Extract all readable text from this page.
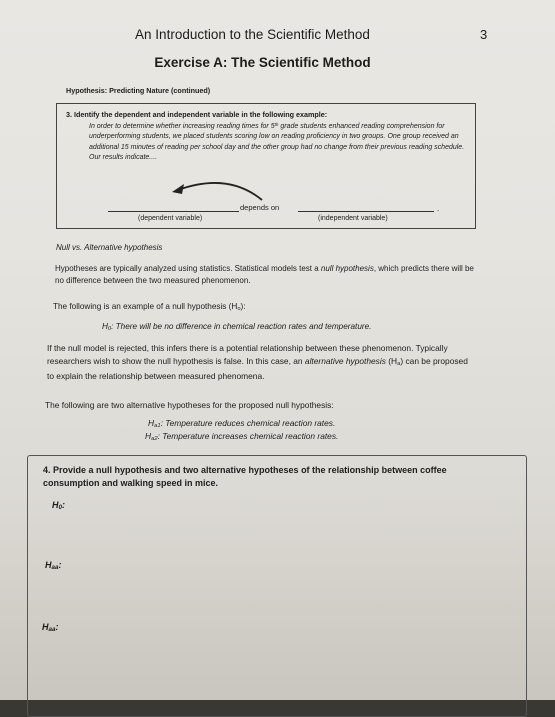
An Introduction to the Scientific Method	3
Exercise A: The Scientific Method
Hypothesis: Predicting Nature (continued)
3. Identify the dependent and independent variable in the following example:
In order to determine whether increasing reading times for 5th grade students enhanced reading comprehension for underperforming students, we placed students scoring low on reading proficiency in two groups. One group received an additional 15 minutes of reading per school day and the other group had no change from their previous reading schedule. Our results indicate....
depends on	.
(dependent variable)	(independent variable)
Null vs. Alternative hypothesis
Hypotheses are typically analyzed using statistics. Statistical models test a null hypothesis, which predicts there will be no difference between the two measured phenomenon.
The following is an example of a null hypothesis $(H_o)$:
$H_0$: There will be no difference in chemical reaction rates and temperature.
If the null model is rejected, this infers there is a potential relationship between these phenomenon. Typically researchers wish to show the null hypothesis is false. In this case, an alternative hypothesis $(H_a)$ can be proposed to explain the relationship between measured phenomena.
The following are two alternative hypotheses for the proposed null hypothesis:
$H_{a1}$: Temperature reduces chemical reaction rates.
$H_{a2}$: Temperature increases chemical reaction rates.
4. Provide a null hypothesis and two alternative hypotheses of the relationship between coffee consumption and walking speed in mice.
$H_0$:
$H_{aa}$:
$H_{aa}$:
